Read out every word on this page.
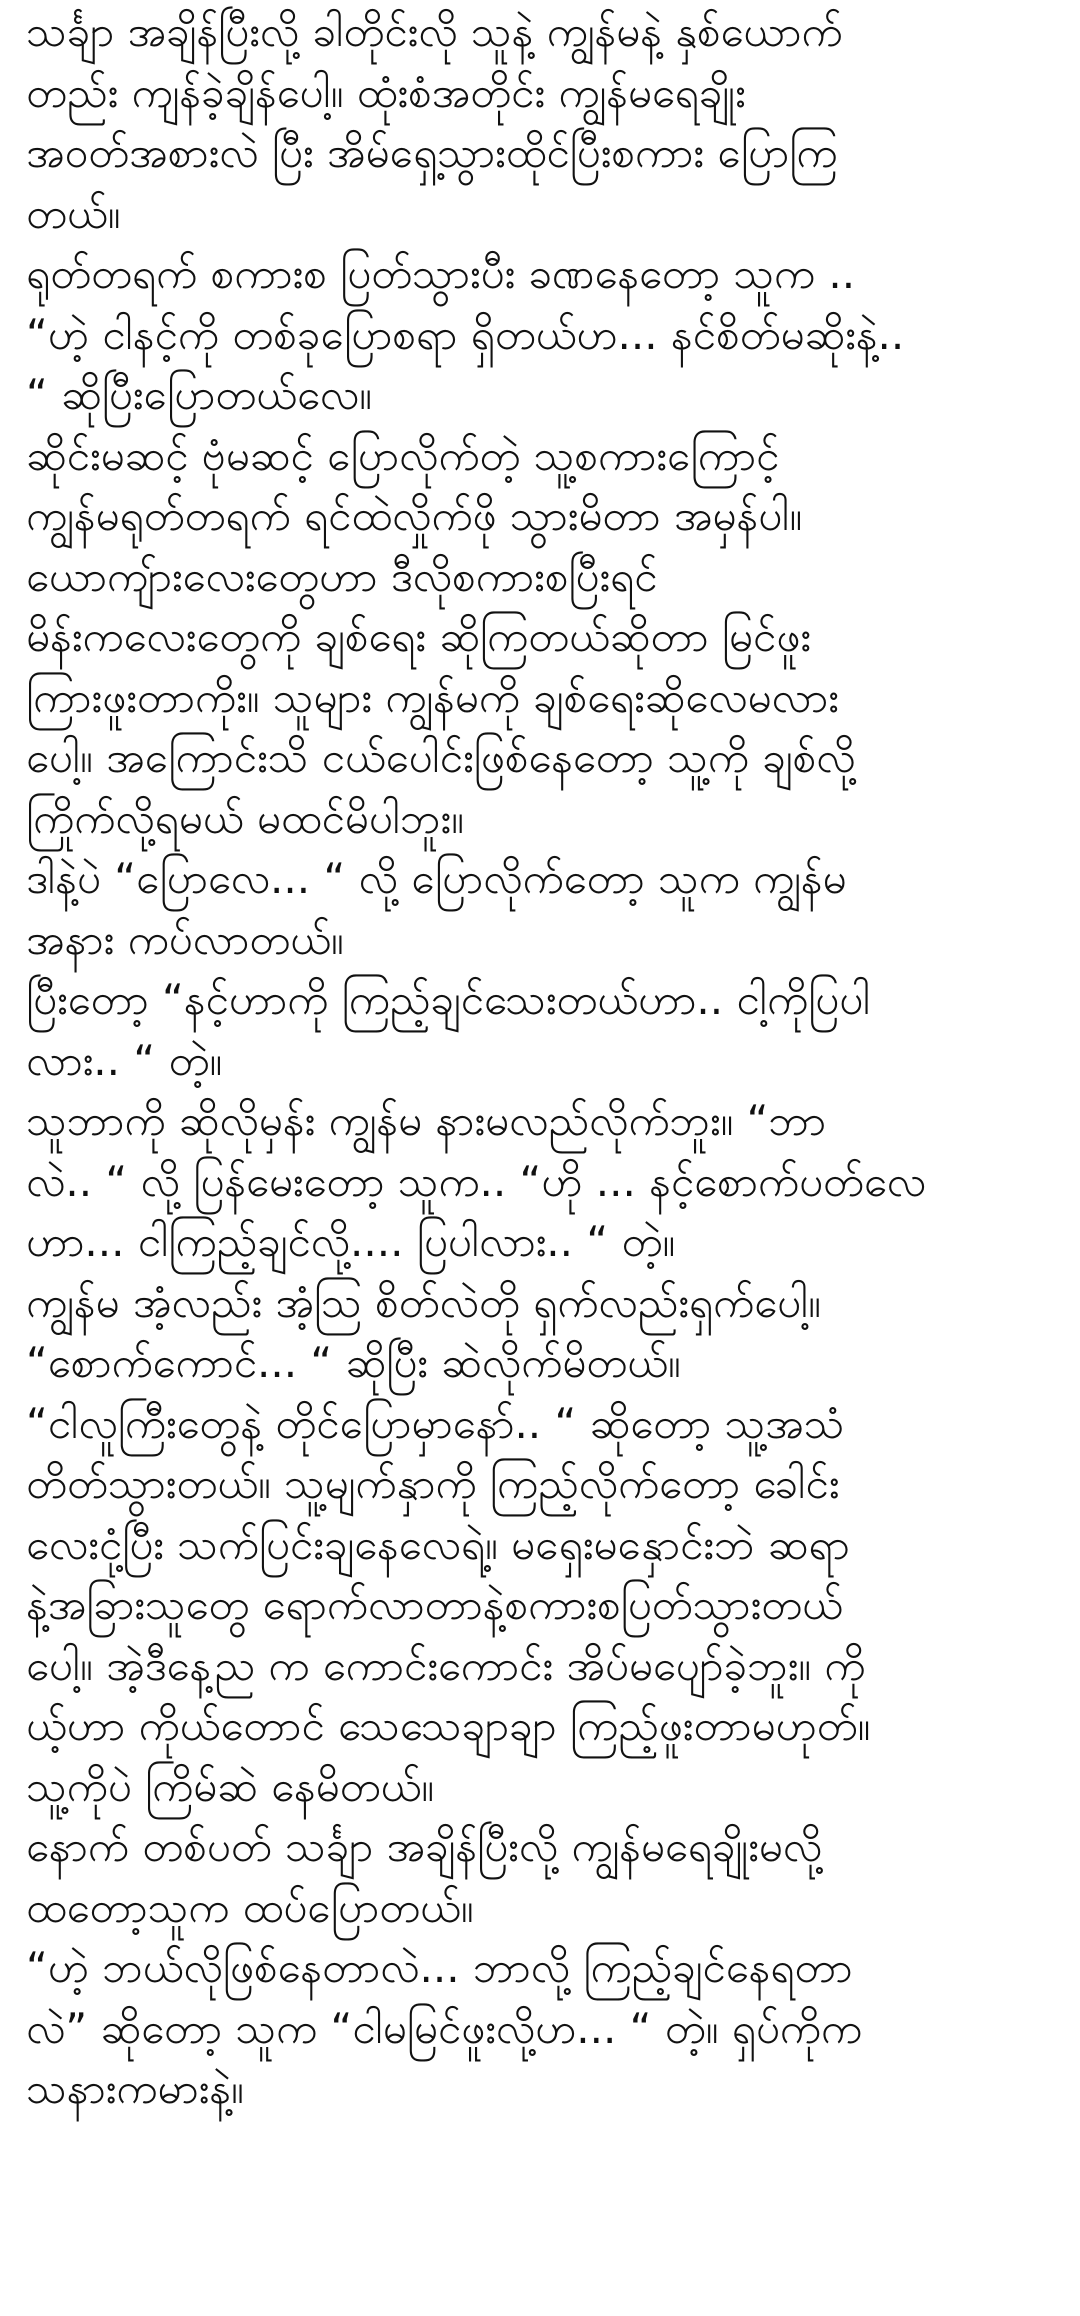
သင်္ချာ အချိန်ပြီးလို့ ခါတိုင်းလို သူနဲ့ ကျွန်မနဲ့ နှစ်ယောက်
တည်း ကျန်ခဲ့ချိန်ပေါ့။ ထုံးစံအတိုင်း ကျွန်မရေချိုး
အဝတ်အစားလဲ ပြီး အိမ်ရှေ့သွားထိုင်ပြီးစကား ပြောကြ
တယ်။
ရုတ်တရက် စကားစ ပြတ်သွားပီး ခဏနေတော့ သူက ..
“ဟဲ့ ငါနင့်ကို တစ်ခုပြောစရာ ရှိတယ်ဟ... နင်စိတ်မဆိုးနဲ့..
“ ဆိုပြီးပြောတယ်လေ။
ဆိုင်းမဆင့် ဗုံမဆင့် ပြောလိုက်တဲ့ သူ့စကားကြောင့်
ကျွန်မရုတ်တရက် ရင်ထဲလှိုက်ဖို သွားမိတာ အမှန်ပါ။
ယောကျ်ားလေးတွေဟာ ဒီလိုစကားစပြီးရင်
မိန်းကလေးတွေကို ချစ်ရေး ဆိုကြတယ်ဆိုတာ မြင်ဖူး
ကြားဖူးတာကိုး။ သူများ ကျွန်မကို ချစ်ရေးဆိုလေမလား
ပေါ့။ အကြောင်းသိ ငယ်ပေါင်းဖြစ်နေတော့ သူ့ကို ချစ်လို့
ကြိုက်လို့ရမယ် မထင်မိပါဘူး။
ဒါနဲ့ပဲ “ပြောလေ... “ လို့ ပြောလိုက်တော့ သူက ကျွန်မ
အနား ကပ်လာတယ်။
ပြီးတော့ “နင့်ဟာကို ကြည့်ချင်သေးတယ်ဟာ.. ငါ့ကိုပြပါ
လား.. “ တဲ့။
သူဘာကို ဆိုလိုမှန်း ကျွန်မ နားမလည်လိုက်ဘူး။ “ဘာ
လဲ.. “ လို့ ပြန်မေးတော့ သူက.. “ဟို ... နင့်စောက်ပတ်လေ
ဟာ... ငါကြည့်ချင်လို့.... ပြပါလား.. “ တဲ့။
ကျွန်မ အံ့လည်း အံ့သြ စိတ်လဲတို ရှက်လည်းရှက်ပေါ့။
“စောက်ကောင်... “ ဆိုပြီး ဆဲလိုက်မိတယ်။
“ငါလူကြီးတွေနဲ့ တိုင်ပြောမှာနော်.. “ ဆိုတော့ သူ့အသံ
တိတ်သွားတယ်။ သူ့မျက်နှာကို ကြည့်လိုက်တော့ ခေါင်း
လေးငုံ့ပြီး သက်ပြင်းချနေလေရဲ့။ မရှေးမနှောင်းဘဲ ဆရာ
နဲ့အခြားသူတွေ ရောက်လာတာနဲ့စကားစပြတ်သွားတယ်
ပေါ့။ အဲ့ဒီနေ့ည က ကောင်းကောင်း အိပ်မပျော်ခဲ့ဘူး။ ကို
ယ့်ဟာ ကိုယ်တောင် သေသေချာချာ ကြည့်ဖူးတာမဟုတ်။
သူ့ကိုပဲ ကြိမ်ဆဲ နေမိတယ်။
နောက် တစ်ပတ် သင်္ချာ အချိန်ပြီးလို့ ကျွန်မရေချိုးမလို့
ထတော့သူက ထပ်ပြောတယ်။
“ဟဲ့ ဘယ်လိုဖြစ်နေတာလဲ... ဘာလို့ ကြည့်ချင်နေရတာ
လဲ” ဆိုတော့ သူက “ငါမမြင်ဖူးလို့ဟ... “ တဲ့။ ရှပ်ကိုက
သနားကမားနဲ့။
